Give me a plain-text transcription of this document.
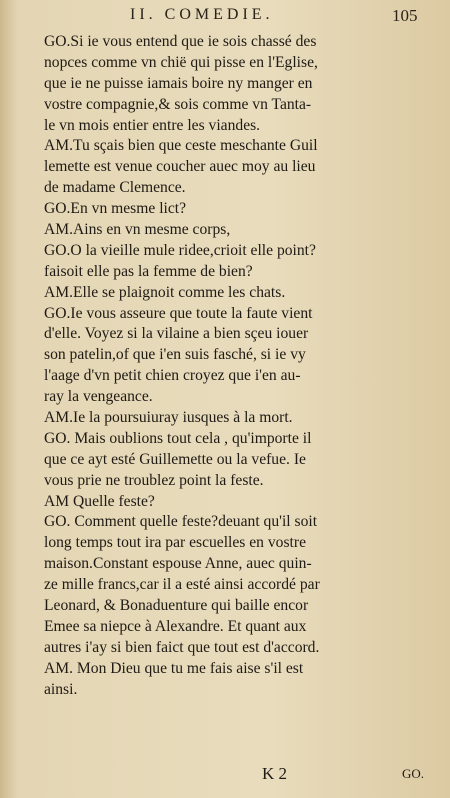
II. COMEDIE.	105
GO.Si ie vous entend que ie sois chassé des
nopces comme vn chië qui pisse en l'Eglise,
que ie ne puisse iamais boire ny manger en
vostre compagnie,& sois comme vn Tanta-
le vn mois entier entre les viandes.
AM.Tu sçais bien que ceste meschante Guil
lemette est venue coucher auec moy au lieu
de madame Clemence.
GO.En vn mesme lict?
AM.Ains en vn mesme corps,
GO.O la vieille mule ridee,crioit elle point?
faisoit elle pas la femme de bien?
AM.Elle se plaignoit comme les chats.
GO.Ie vous asseure que toute la faute vient
d'elle. Voyez si la vilaine a bien sçeu iouer
son patelin,of que i'en suis fasché, si ie vy
l'aage d'vn petit chien croyez que i'en au-
ray la vengeance.
AM.Ie la poursuiuray iusques à la mort.
GO. Mais oublions tout cela , qu'importe il
que ce ayt esté Guillemette ou la vefue. Ie
vous prie ne troublez point la feste.
AM Quelle feste?
GO. Comment quelle feste?deuant qu'il soit
long temps tout ira par escuelles en vostre
maison.Constant espouse Anne, auec quin-
ze mille francs,car il a esté ainsi accordé par
Leonard, & Bonaduenture qui baille encor
Emee sa niepce à Alexandre. Et quant aux
autres i'ay si bien faict que tout est d'accord.
AM. Mon Dieu que tu me fais aise s'il est
ainsi.
K 2	GO.
